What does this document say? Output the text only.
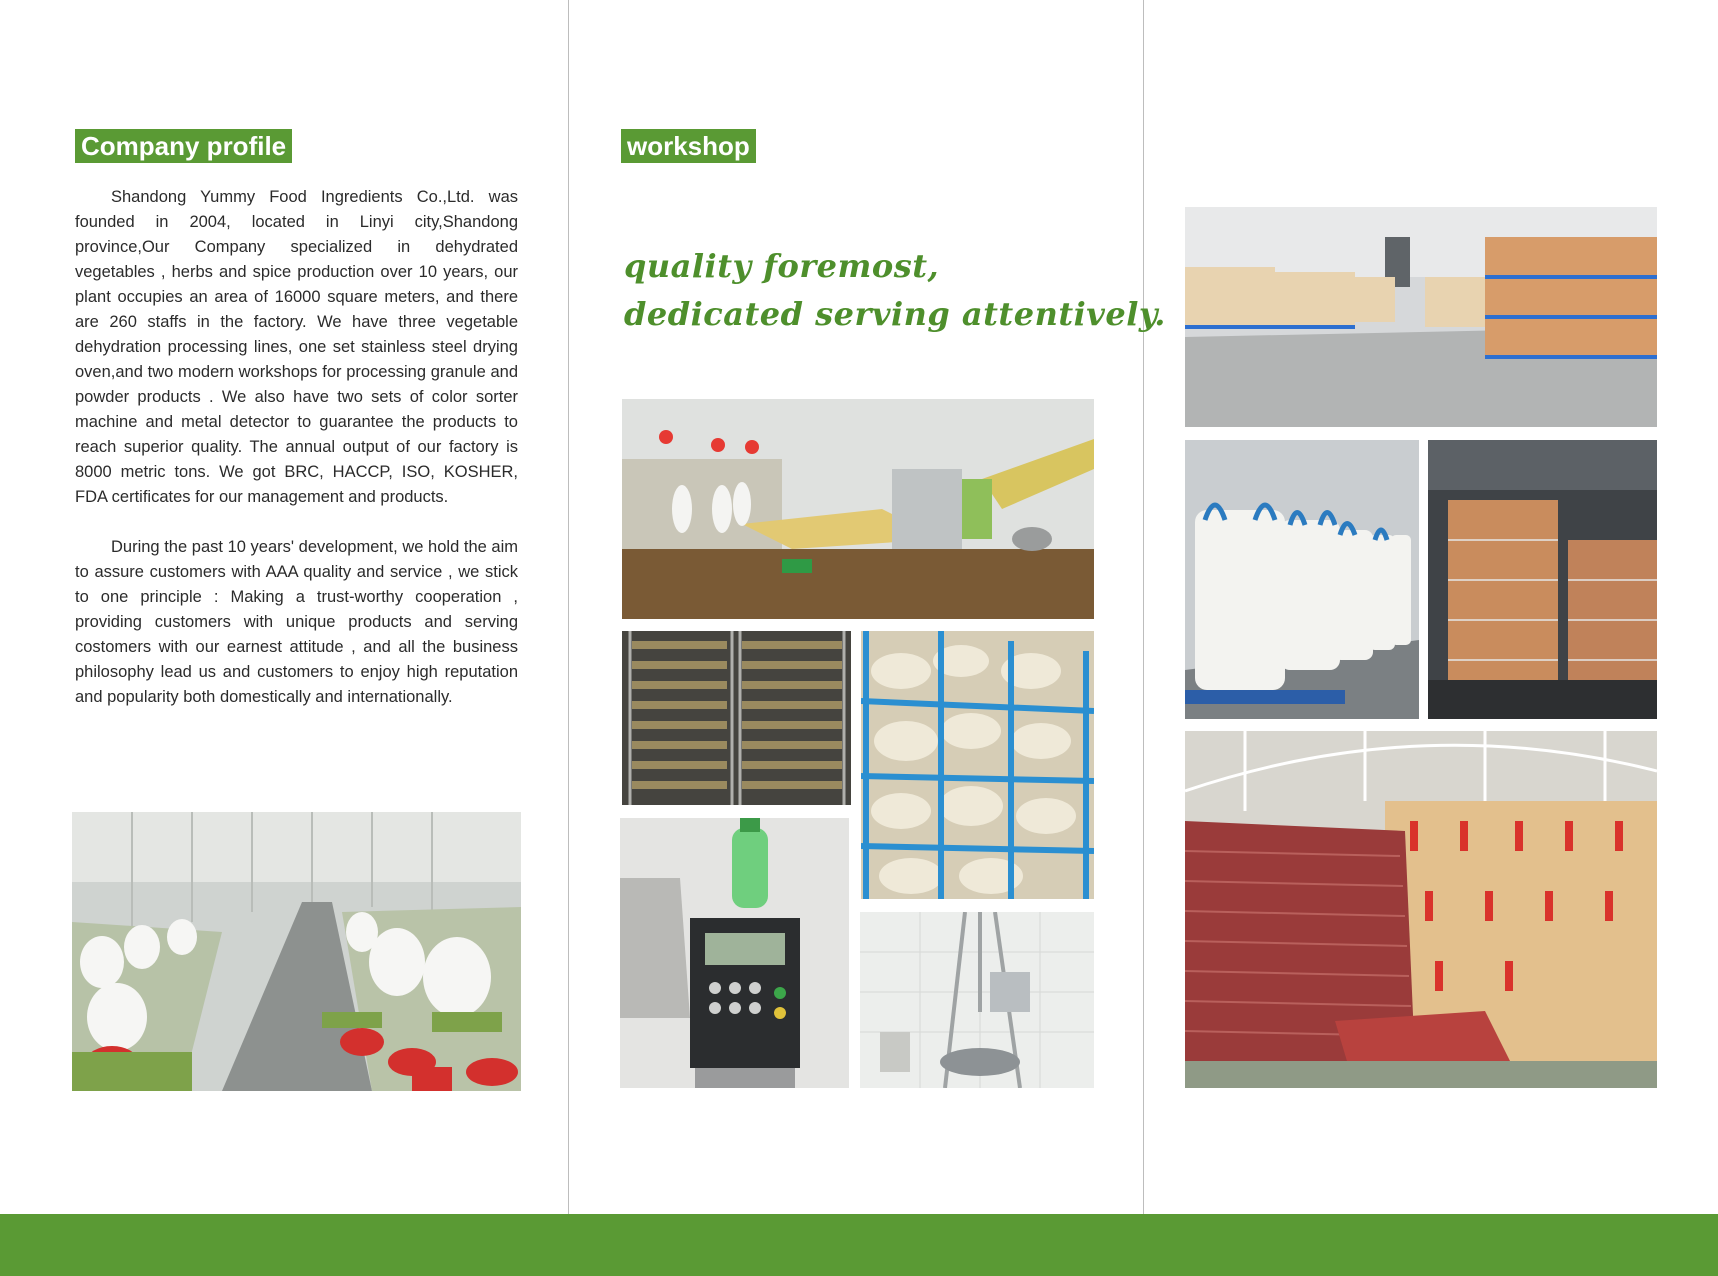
Company profile

Shandong Yummy Food Ingredients Co.,Ltd. was founded in 2004, located in Linyi city,Shandong province,Our Company specialized in dehydrated vegetables , herbs and spice production over 10 years, our plant occupies an area of 16000 square meters, and there are 260 staffs in the factory. We have three vegetable dehydration processing lines, one set stainless steel drying oven,and two modern workshops for processing granule and powder products . We also have two sets of color sorter machine and metal detector to guarantee the products to reach superior quality. The annual output of our factory is 8000 metric tons. We got BRC, HACCP, ISO, KOSHER, FDA certificates for our management and products.

During the past 10 years' development, we hold the aim to assure customers with AAA quality and service , we stick to one principle : Making a trust-worthy cooperation , providing customers with unique products and serving costomers with our earnest attitude , and all the business philosophy lead us and customers to enjoy high reputation and popularity both domestically and internationally.

workshop

quality foremost,

dedicated serving attentively.
